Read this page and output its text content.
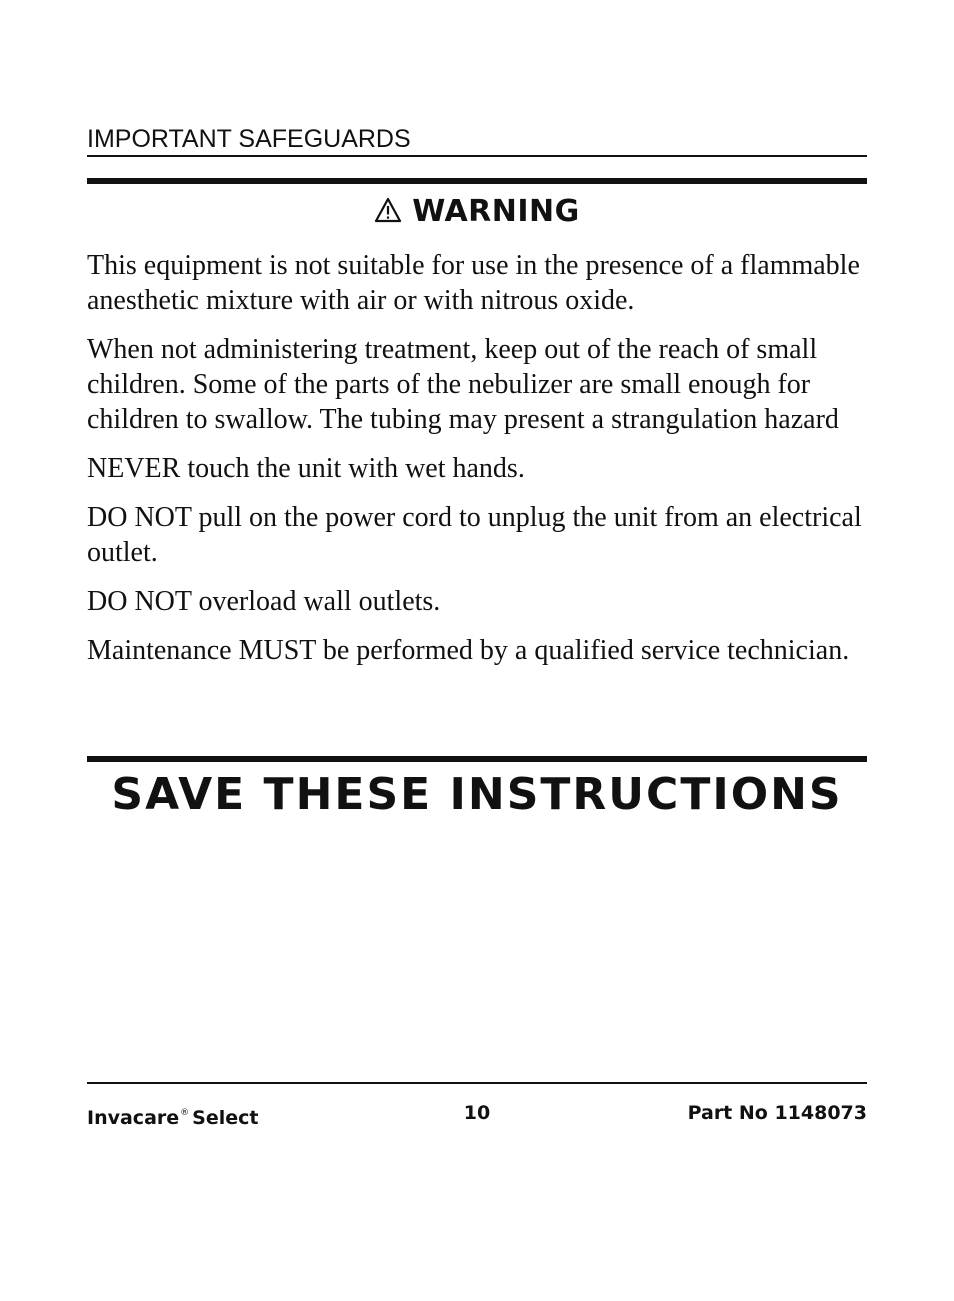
IMPORTANT SAFEGUARDS
WARNING

This equipment is not suitable for use in the presence of a flammable anesthetic mixture with air or with nitrous oxide.

When not administering treatment, keep out of the reach of small children. Some of the parts of the nebulizer are small enough for children to swallow. The tubing may present a strangulation hazard

NEVER touch the unit with wet hands.

DO NOT pull on the power cord to unplug the unit from an electrical outlet.

DO NOT overload wall outlets.

Maintenance MUST be performed by a qualified service technician.

SAVE THESE INSTRUCTIONS
Invacare® Select	10	Part No 1148073
